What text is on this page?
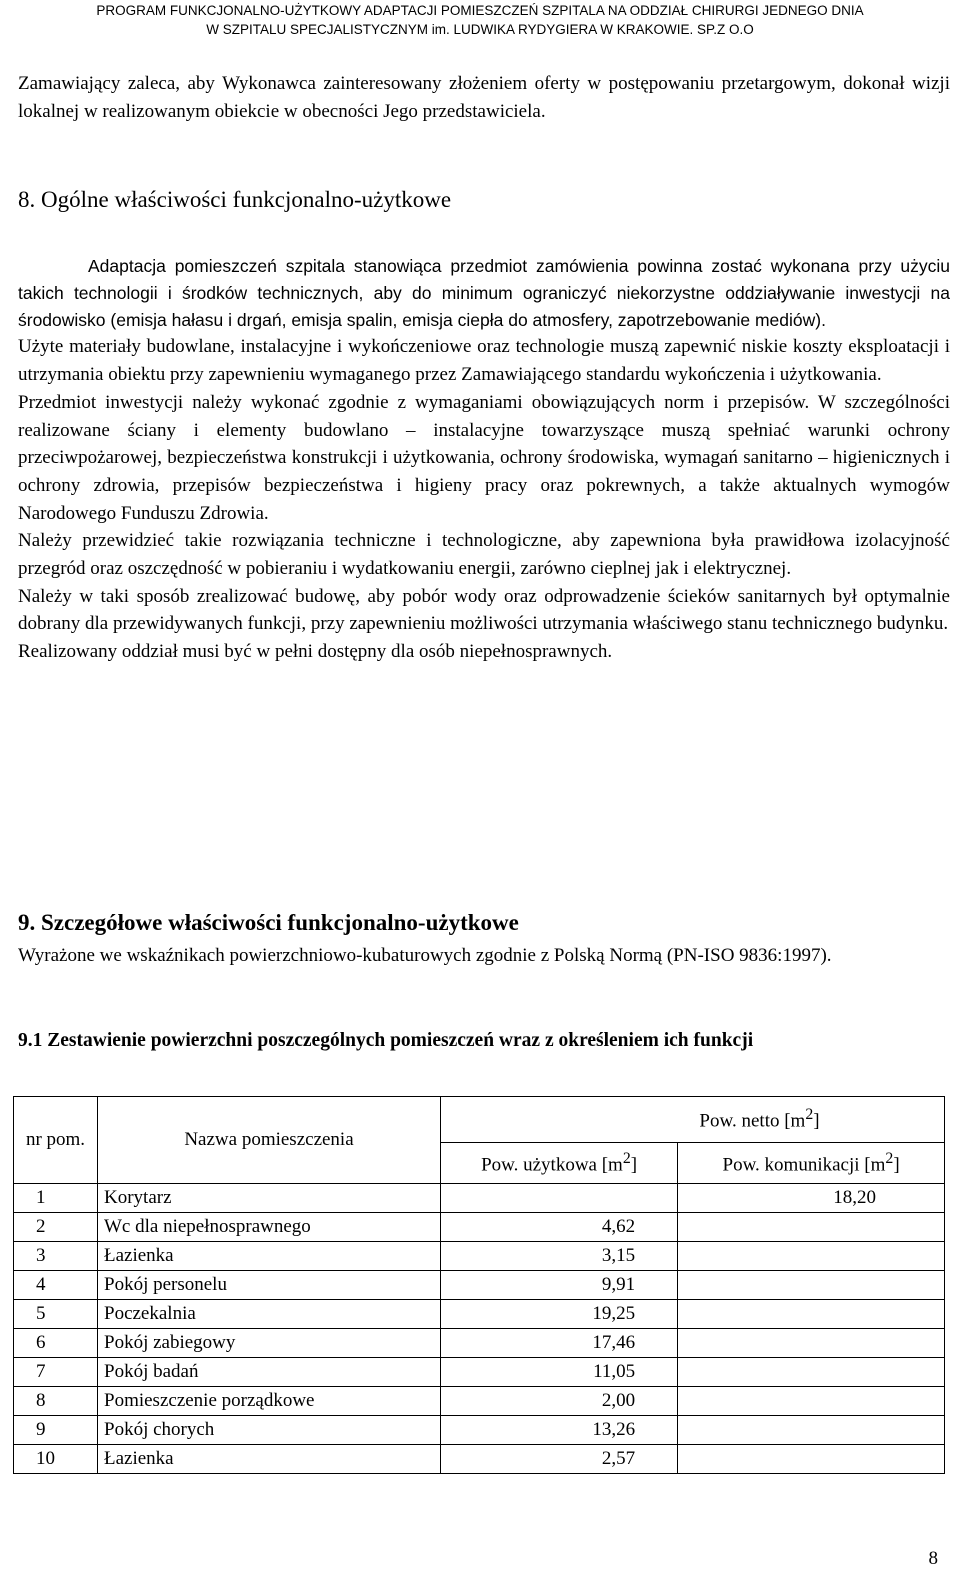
PROGRAM FUNKCJONALNO-UŻYTKOWY ADAPTACJI POMIESZCZEŃ SZPITALA NA ODDZIAŁ CHIRURGI JEDNEGO DNIA
W SZPITALU SPECJALISTYCZNYM im. LUDWIKA RYDYGIERA W KRAKOWIE. SP.Z O.O

Zamawiający zaleca, aby Wykonawca zainteresowany złożeniem oferty w postępowaniu przetargowym, dokonał wizji lokalnej w realizowanym obiekcie w obecności Jego przedstawiciela.

8. Ogólne właściwości funkcjonalno-użytkowe

Adaptacja pomieszczeń szpitala stanowiąca przedmiot zamówienia powinna zostać wykonana przy użyciu takich technologii i środków technicznych, aby do minimum ograniczyć niekorzystne oddziaływanie inwestycji na środowisko (emisja hałasu i drgań, emisja spalin, emisja ciepła do atmosfery, zapotrzebowanie mediów).

Użyte materiały budowlane, instalacyjne i wykończeniowe oraz technologie muszą zapewnić niskie koszty eksploatacji i utrzymania obiektu przy zapewnieniu wymaganego przez Zamawiającego standardu wykończenia i użytkowania.

Przedmiot inwestycji należy wykonać zgodnie z wymaganiami obowiązujących norm i przepisów. W szczególności realizowane ściany i elementy budowlano – instalacyjne towarzyszące muszą spełniać warunki ochrony przeciwpożarowej, bezpieczeństwa konstrukcji i użytkowania, ochrony środowiska, wymagań sanitarno – higienicznych i ochrony zdrowia, przepisów bezpieczeństwa i higieny pracy oraz pokrewnych, a także aktualnych wymogów Narodowego Funduszu Zdrowia.

Należy przewidzieć takie rozwiązania techniczne i technologiczne, aby zapewniona była prawidłowa izolacyjność przegród oraz oszczędność w pobieraniu i wydatkowaniu energii, zarówno cieplnej jak i elektrycznej.

Należy w taki sposób zrealizować budowę, aby pobór wody oraz odprowadzenie ścieków sanitarnych był optymalnie dobrany dla przewidywanych funkcji, przy zapewnieniu możliwości utrzymania właściwego stanu technicznego budynku.

Realizowany oddział musi być w pełni dostępny dla osób niepełnosprawnych.

9. Szczegółowe właściwości funkcjonalno-użytkowe

Wyrażone we wskaźnikach powierzchniowo-kubaturowych zgodnie z Polską Normą (PN-ISO 9836:1997).

9.1 Zestawienie powierzchni poszczególnych pomieszczeń wraz z określeniem ich funkcji

nr pom.	Nazwa pomieszczenia	Pow. netto $[m^2]$	
		Pow. użytkowa $[m^2]$	Pow. komunikacji $[m^2]$
1	Korytarz		18,20
2	Wc dla niepełnosprawnego	4,62	
3	Łazienka	3,15	
4	Pokój personelu	9,91	
5	Poczekalnia	19,25	
6	Pokój zabiegowy	17,46	
7	Pokój badań	11,05	
8	Pomieszczenie porządkowe	2,00	
9	Pokój chorych	13,26	
10	Łazienka	2,57	
8
